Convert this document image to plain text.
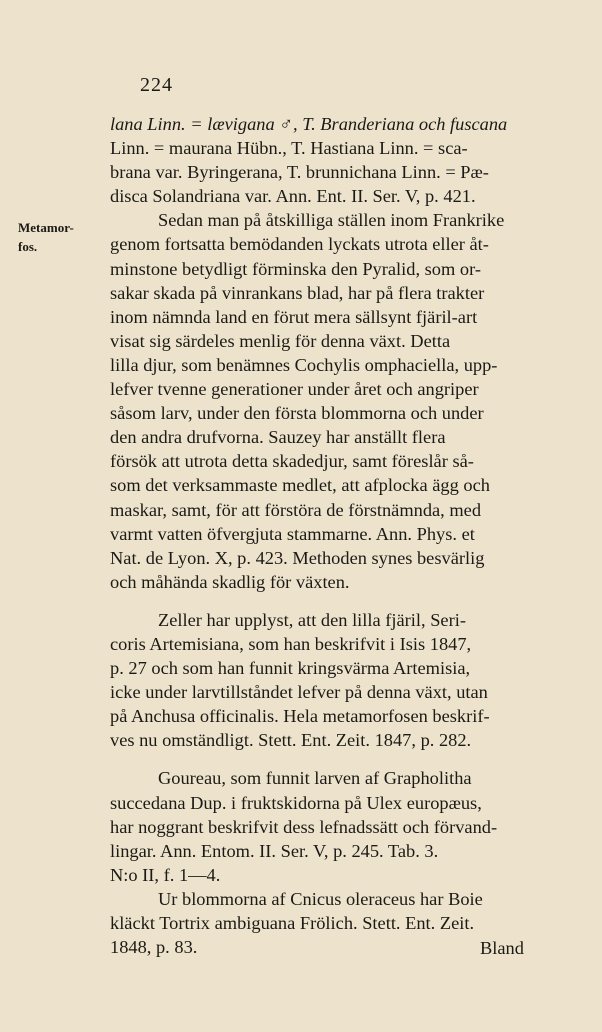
224
Metamor-
fos.
lana Linn. = lævigana ♂, T. Branderiana och fuscana
Linn. = maurana Hübn., T. Hastiana Linn. = sca-
brana var. Byringerana, T. brunnichana Linn. = Pæ-
disca Solandriana var. Ann. Ent. II. Ser. V, p. 421.
Sedan man på åtskilliga ställen inom Frankrike
genom fortsatta bemödanden lyckats utrota eller åt-
minstone betydligt förminska den Pyralid, som or-
sakar skada på vinrankans blad, har på flera trakter
inom nämnda land en förut mera sällsynt fjäril-art
visat sig särdeles menlig för denna växt. Detta
lilla djur, som benämnes Cochylis omphaciella, upp-
lefver tvenne generationer under året och angriper
såsom larv, under den första blommorna och under
den andra drufvorna. Sauzey har anställt flera
försök att utrota detta skadedjur, samt föreslår så-
som det verksammaste medlet, att afplocka ägg och
maskar, samt, för att förstöra de förstnämnda, med
varmt vatten öfvergjuta stammarne. Ann. Phys. et
Nat. de Lyon. X, p. 423. Methoden synes besvärlig
och måhända skadlig för växten.
Zeller har upplyst, att den lilla fjäril, Seri-
coris Artemisiana, som han beskrifvit i Isis 1847,
p. 27 och som han funnit kringsvärma Artemisia,
icke under larvtillståndet lefver på denna växt, utan
på Anchusa officinalis. Hela metamorfosen beskrif-
ves nu omständligt. Stett. Ent. Zeit. 1847, p. 282.
Goureau, som funnit larven af Grapholitha
succedana Dup. i fruktskidorna på Ulex europæus,
har noggrant beskrifvit dess lefnadssätt och förvand-
lingar. Ann. Entom. II. Ser. V, p. 245. Tab. 3.
N:o II, f. 1—4.
Ur blommorna af Cnicus oleraceus har Boie
kläckt Tortrix ambiguana Frölich. Stett. Ent. Zeit.
1848, p. 83.	Bland
